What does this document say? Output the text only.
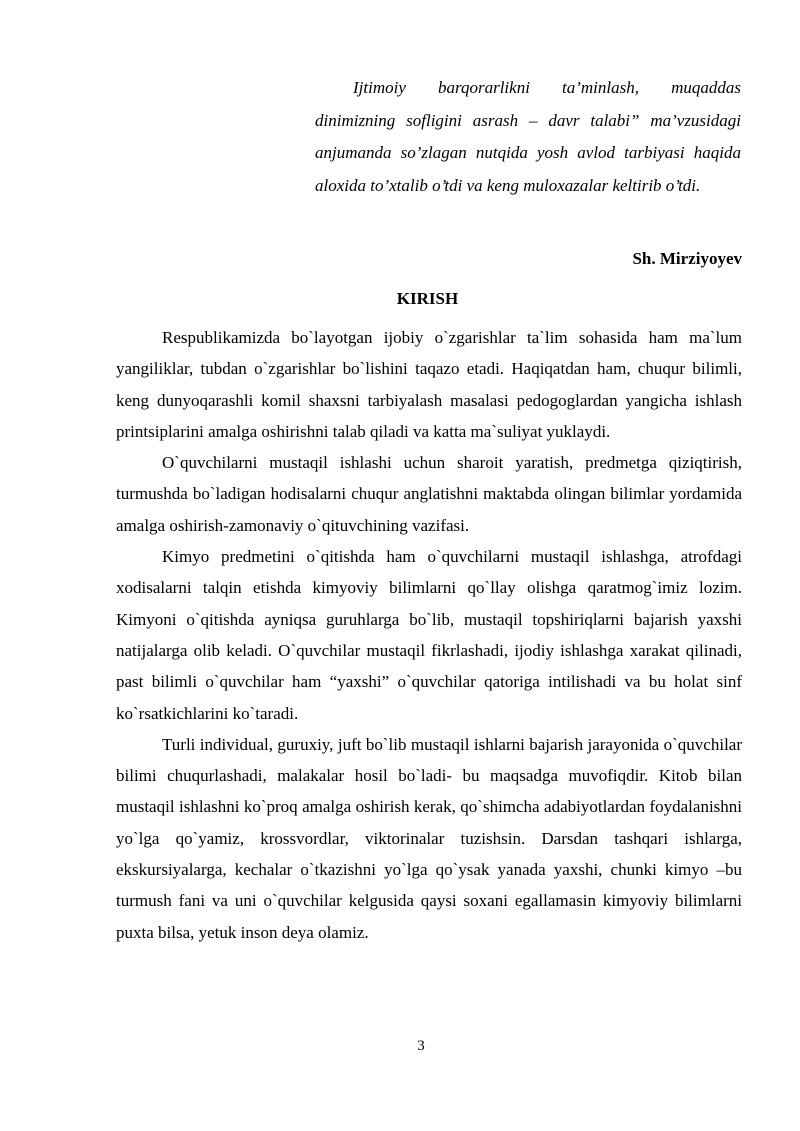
Ijtimoiy barqorarlikni ta’minlash, muqaddas dinimizning sofligini asrash – davr talabi” ma’vzusidagi anjumanda so’zlagan nutqida yosh avlod tarbiyasi haqida aloxida to’xtalib o’tdi va keng muloxazalar keltirib o’tdi.

Sh. Mirziyoyev

KIRISH

Respublikamizda bo`layotgan ijobiy o`zgarishlar ta`lim sohasida ham ma`lum yangiliklar, tubdan o`zgarishlar bo`lishini taqazo etadi. Haqiqatdan ham, chuqur bilimli, keng dunyoqarashli komil shaxsni tarbiyalash masalasi pedogoglardan yangicha ishlash printsiplarini amalga oshirishni talab qiladi va katta ma`suliyat yuklaydi.

O`quvchilarni mustaqil ishlashi uchun sharoit yaratish, predmetga qiziqtirish, turmushda bo`ladigan hodisalarni chuqur anglatishni maktabda olingan bilimlar yordamida amalga oshirish-zamonaviy o`qituvchining vazifasi.

Kimyo predmetini o`qitishda ham o`quvchilarni mustaqil ishlashga, atrofdagi xodisalarni talqin etishda kimyoviy bilimlarni qo`llay olishga qaratmog`imiz lozim. Kimyoni o`qitishda ayniqsa guruhlarga bo`lib, mustaqil topshiriqlarni bajarish yaxshi natijalarga olib keladi. O`quvchilar mustaqil fikrlashadi, ijodiy ishlashga xarakat qilinadi, past bilimli o`quvchilar ham “yaxshi” o`quvchilar qatoriga intilishadi va bu holat sinf ko`rsatkichlarini ko`taradi.

Turli individual, guruxiy, juft bo`lib mustaqil ishlarni bajarish jarayonida o`quvchilar bilimi chuqurlashadi, malakalar hosil bo`ladi- bu maqsadga muvofiqdir. Kitob bilan mustaqil ishlashni ko`proq amalga oshirish kerak, qo`shimcha adabiyotlardan foydalanishni yo`lga qo`yamiz, krossvordlar, viktorinalar tuzishsin. Darsdan tashqari ishlarga, ekskursiyalarga, kechalar o`tkazishni yo`lga qo`ysak yanada yaxshi, chunki kimyo –bu turmush fani va uni o`quvchilar kelgusida qaysi soxani egallamasin kimyoviy bilimlarni puxta bilsa, yetuk inson deya olamiz.

3
